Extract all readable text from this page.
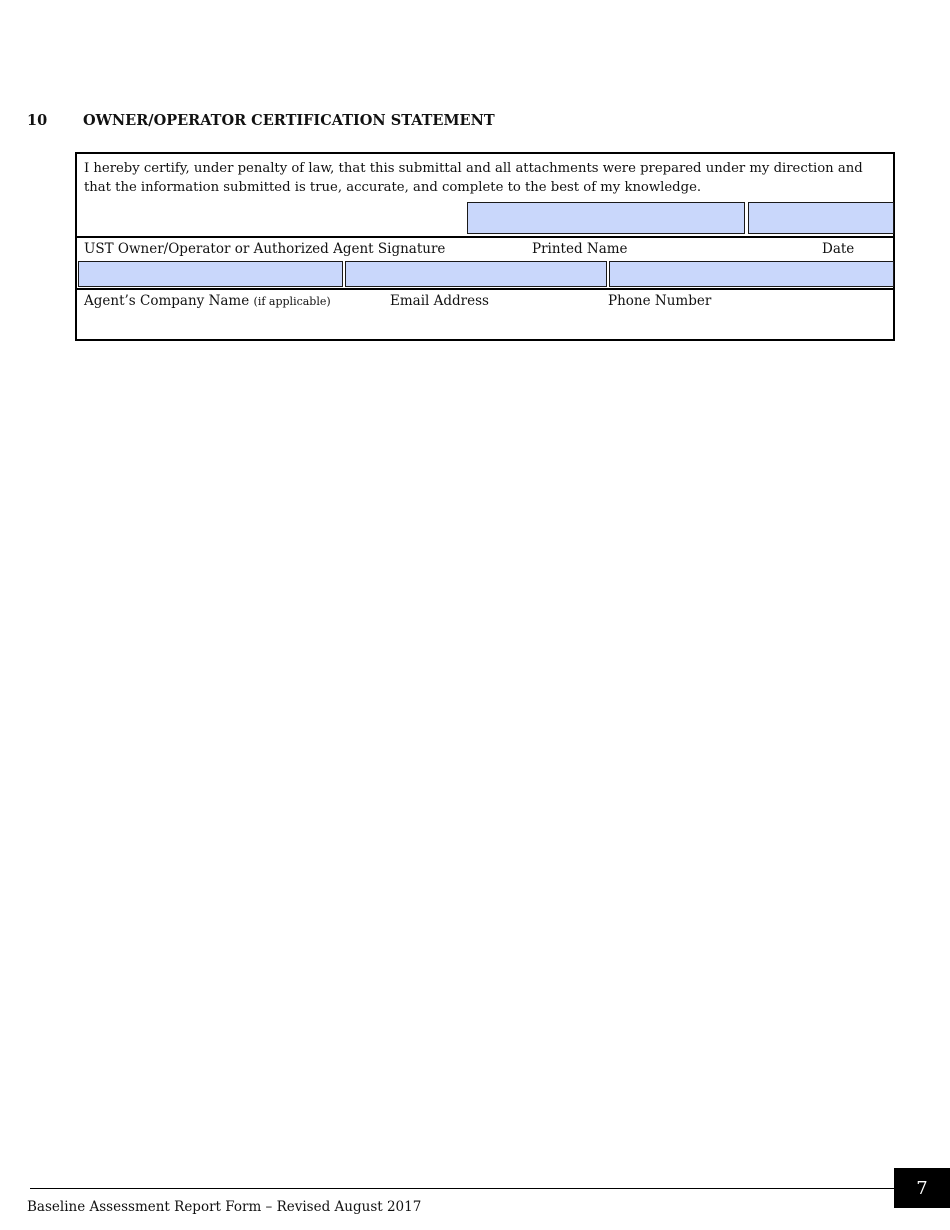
10 OWNER/OPERATOR CERTIFICATION STATEMENT
I hereby certify, under penalty of law, that this submittal and all attachments were prepared under my direction and that the information submitted is true, accurate, and complete to the best of my knowledge.
UST Owner/Operator or Authorized Agent Signature	Printed Name	Date
Agent’s Company Name (if applicable)	Email Address	Phone Number
7
Baseline Assessment Report Form – Revised August 2017
